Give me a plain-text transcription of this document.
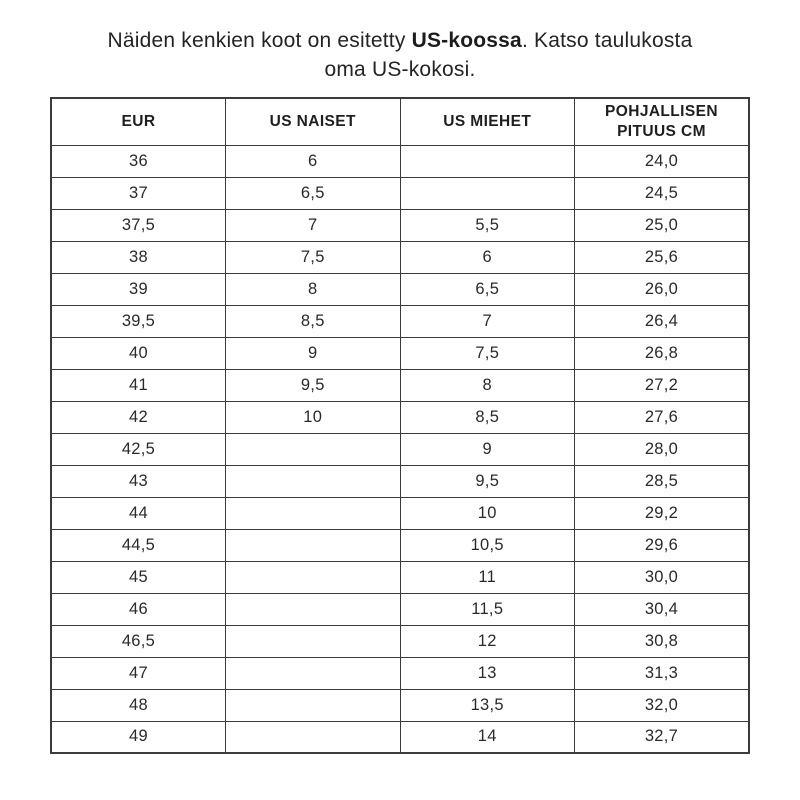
Näiden kenkien koot on esitetty US-koossa. Katso taulukosta
oma US-kokosi.

EUR	US NAISET	US MIEHET	POHJALLISEN PITUUS CM
36	6		24,0
37	6,5		24,5
37,5	7	5,5	25,0
38	7,5	6	25,6
39	8	6,5	26,0
39,5	8,5	7	26,4
40	9	7,5	26,8
41	9,5	8	27,2
42	10	8,5	27,6
42,5		9	28,0
43		9,5	28,5
44		10	29,2
44,5		10,5	29,6
45		11	30,0
46		11,5	30,4
46,5		12	30,8
47		13	31,3
48		13,5	32,0
49		14	32,7
